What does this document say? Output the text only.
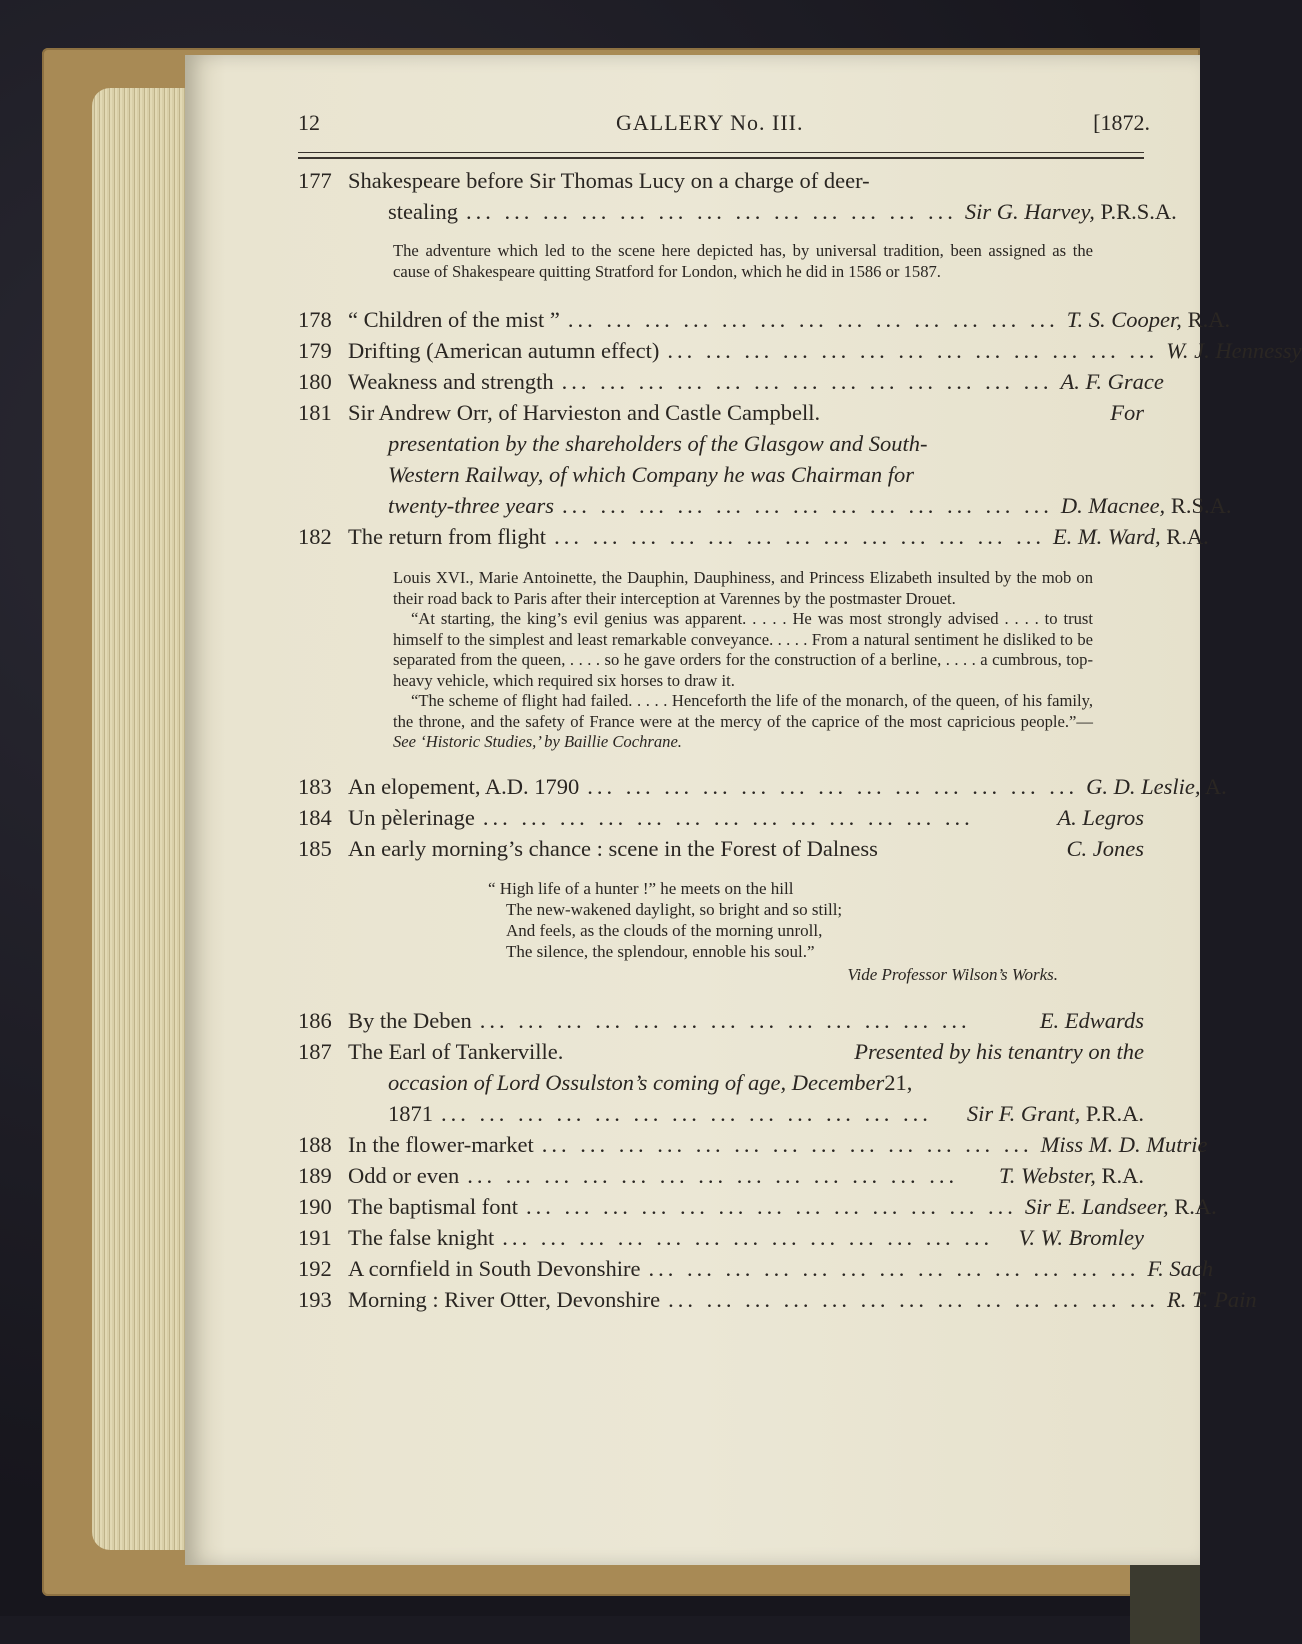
12	GALLERY No. III.	[1872.
177 Shakespeare before Sir Thomas Lucy on a charge of deer-
stealing ... ... ... ... ... ... ... ... ... ... ... ... ... Sir G. Harvey, P.R.S.A.

The adventure which led to the scene here depicted has, by universal tradition, been assigned as the cause of Shakespeare quitting Stratford for London, which he did in 1586 or 1587.

178 “ Children of the mist ” ... ... ... ... ... ... ... ... ... ... ... ... ... T. S. Cooper, R.A.
179 Drifting (American autumn effect) ... ... ... ... ... ... ... ... ... ... ... ... ... W. J. Hennessy
180 Weakness and strength ... ... ... ... ... ... ... ... ... ... ... ... ... A. F. Grace
181 Sir Andrew Orr, of Harvieston and Castle Campbell.	For
presentation by the shareholders of the Glasgow and South-
Western Railway, of which Company he was Chairman for
twenty-three years ... ... ... ... ... ... ... ... ... ... ... ... ... D. Macnee, R.S.A.
182 The return from flight ... ... ... ... ... ... ... ... ... ... ... ... ... E. M. Ward, R.A.

Louis XVI., Marie Antoinette, the Dauphin, Dauphiness, and Princess Elizabeth insulted by the mob on their road back to Paris after their interception at Varennes by the postmaster Drouet.

“At starting, the king’s evil genius was apparent. . . . . He was most strongly advised . . . . to trust himself to the simplest and least remarkable conveyance. . . . . From a natural sentiment he disliked to be separated from the queen, . . . . so he gave orders for the construction of a berline, . . . . a cumbrous, top-heavy vehicle, which required six horses to draw it.

“The scheme of flight had failed. . . . . Henceforth the life of the monarch, of the queen, of his family, the throne, and the safety of France were at the mercy of the caprice of the most capricious people.”—See ‘Historic Studies,’ by Baillie Cochrane.

183 An elopement, A.D. 1790 ... ... ... ... ... ... ... ... ... ... ... ... ... G. D. Leslie, A.
184 Un pèlerinage ... ... ... ... ... ... ... ... ... ... ... ... ...	A. Legros
185 An early morning’s chance : scene in the Forest of Dalness	C. Jones
“ High life of a hunter !” he meets on the hill
The new-wakened daylight, so bright and so still;
And feels, as the clouds of the morning unroll,
The silence, the splendour, ennoble his soul.”
Vide Professor Wilson’s Works.
186 By the Deben ... ... ... ... ... ... ... ... ... ... ... ... ...	E. Edwards
187 The Earl of Tankerville.	Presented by his tenantry on the
occasion of Lord Ossulston’s coming of age, December 21,
1871 ... ... ... ... ... ... ... ... ... ... ... ... ...	Sir F. Grant, P.R.A.
188 In the flower-market ... ... ... ... ... ... ... ... ... ... ... ... ... Miss M. D. Mutrie
189 Odd or even ... ... ... ... ... ... ... ... ... ... ... ... ...	T. Webster, R.A.
190 The baptismal font ... ... ... ... ... ... ... ... ... ... ... ... ... Sir E. Landseer, R.A.
191 The false knight ... ... ... ... ... ... ... ... ... ... ... ... ...	V. W. Bromley
192 A cornfield in South Devonshire ... ... ... ... ... ... ... ... ... ... ... ... ... F. Sach
193 Morning : River Otter, Devonshire ... ... ... ... ... ... ... ... ... ... ... ... ... R. T. Pain
